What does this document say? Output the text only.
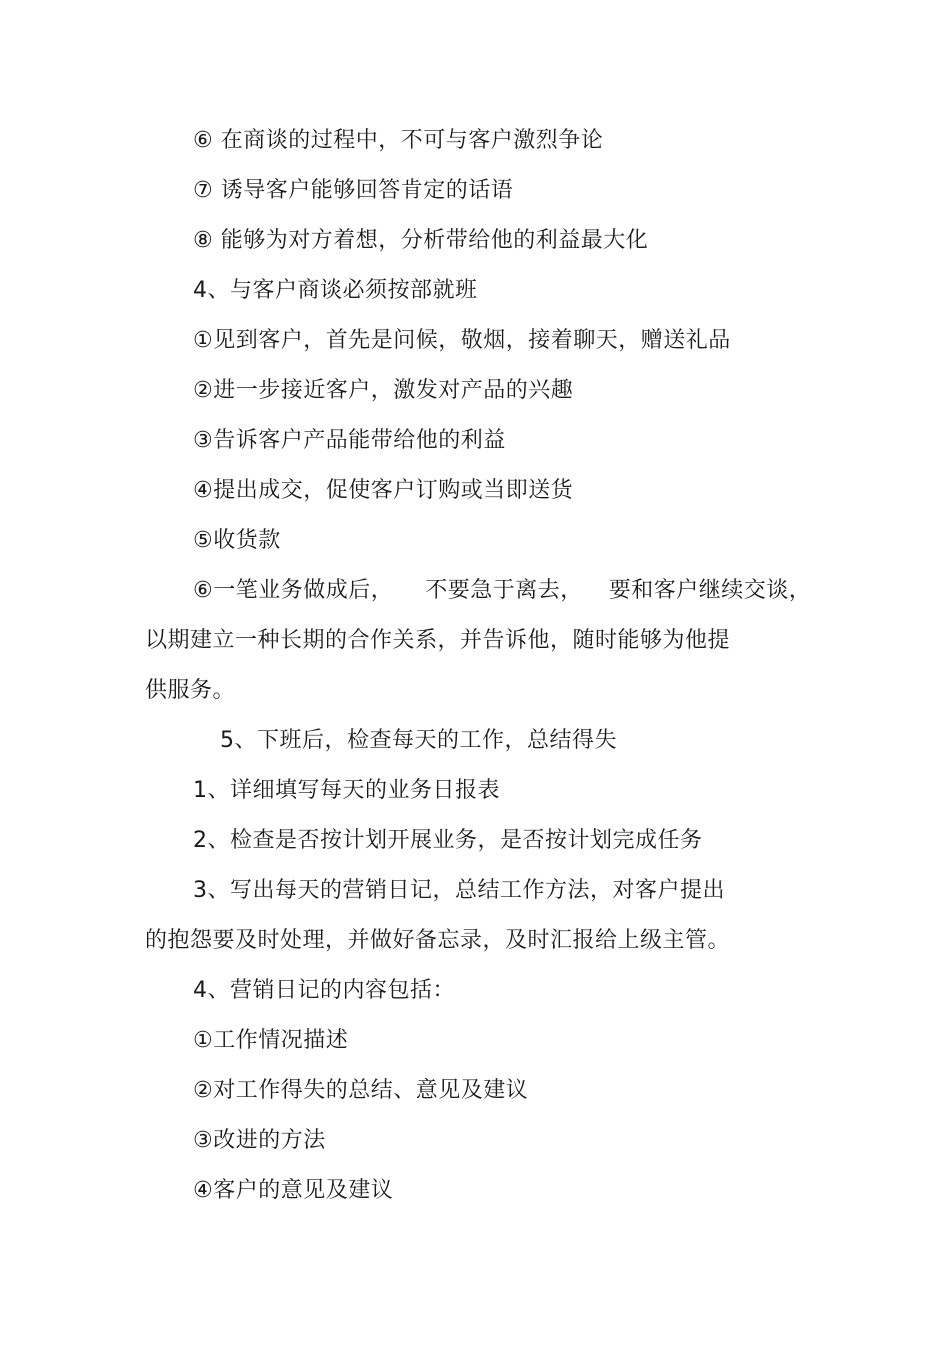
⑥ 在商谈的过程中，不可与客户激烈争论
⑦ 诱导客户能够回答肯定的话语
⑧ 能够为对方着想，分析带给他的利益最大化
4、与客户商谈必须按部就班
①见到客户，首先是问候，敬烟，接着聊天，赠送礼品
②进一步接近客户，激发对产品的兴趣
③告诉客户产品能带给他的利益
④提出成交，促使客户订购或当即送货
⑤收货款
⑥一笔业务做成后， 不要急于离去， 要和客户继续交谈，
以期建立一种长期的合作关系，并告诉他，随时能够为他提
供服务。
5、下班后，检查每天的工作，总结得失
1、详细填写每天的业务日报表
2、检查是否按计划开展业务，是否按计划完成任务
3、写出每天的营销日记，总结工作方法，对客户提出
的抱怨要及时处理，并做好备忘录，及时汇报给上级主管。
4、营销日记的内容包括：
①工作情况描述
②对工作得失的总结、意见及建议
③改进的方法
④客户的意见及建议
